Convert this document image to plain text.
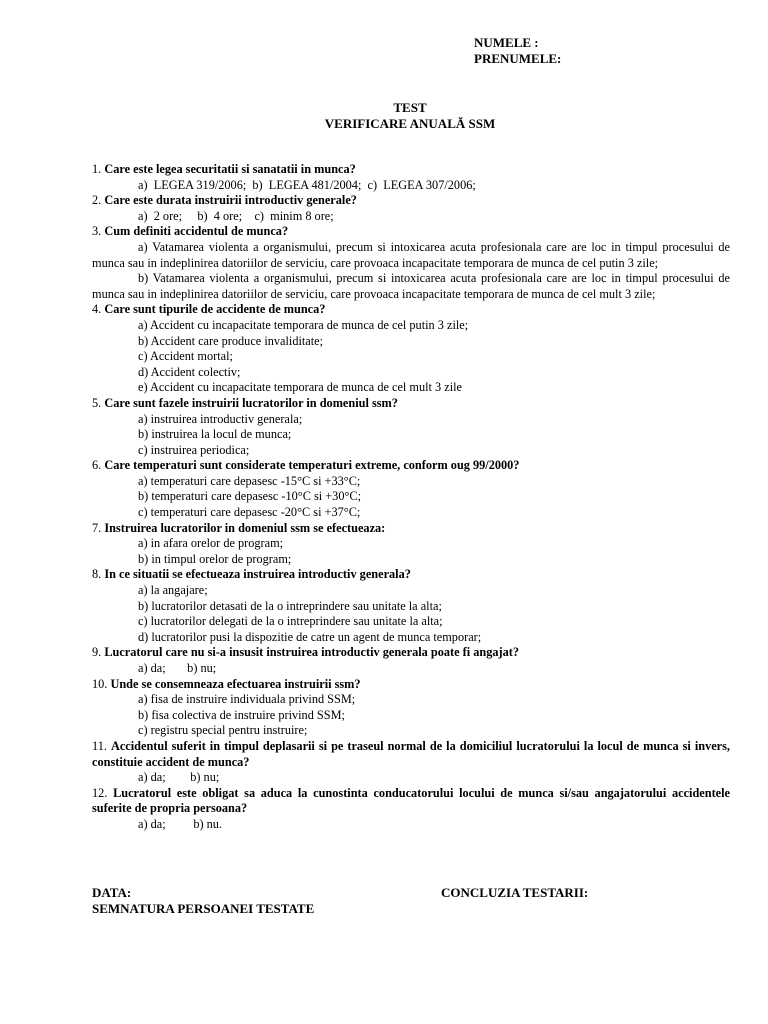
NUMELE :
PRENUMELE:
TEST
VERIFICARE ANUALĂ SSM
1. Care este legea securitatii si sanatatii in munca?
a)  LEGEA 319/2006;  b)  LEGEA 481/2004;  c)  LEGEA 307/2006;
2. Care este durata instruirii introductiv generale?
a)  2 ore;     b)  4 ore;    c)  minim 8 ore;
3. Cum definiti accidentul de munca?
a) Vatamarea violenta a organismului, precum si intoxicarea acuta profesionala care are loc in timpul procesului de munca sau in indeplinirea datoriilor de serviciu, care provoaca incapacitate temporara de munca de cel putin 3 zile;
b) Vatamarea violenta a organismului, precum si intoxicarea acuta profesionala care are loc in timpul procesului de munca sau in indeplinirea datoriilor de serviciu, care provoaca incapacitate temporara de munca de cel mult 3 zile;
4. Care sunt tipurile de accidente de munca?
a) Accident cu incapacitate temporara de munca de cel putin 3 zile;
b) Accident care produce invaliditate;
c) Accident mortal;
d) Accident colectiv;
e) Accident cu incapacitate temporara de munca de cel mult 3 zile
5. Care sunt fazele instruirii lucratorilor in domeniul ssm?
a) instruirea introductiv generala;
b) instruirea la locul de munca;
c) instruirea periodica;
6. Care temperaturi sunt considerate temperaturi extreme, conform oug 99/2000?
a) temperaturi care depasesc -15°C si +33°C;
b) temperaturi care depasesc -10°C si +30°C;
c) temperaturi care depasesc -20°C si +37°C;
7. Instruirea lucratorilor in domeniul ssm se efectueaza:
a) in afara orelor de program;
b) in timpul orelor de program;
8. In ce situatii se efectueaza instruirea introductiv generala?
a) la angajare;
b) lucratorilor detasati de la o intreprindere sau unitate la alta;
c) lucratorilor delegati de la o intreprindere sau unitate la alta;
d) lucratorilor pusi la dispozitie de catre un agent de munca temporar;
9. Lucratorul care nu si-a insusit instruirea introductiv generala poate fi angajat?
a) da;       b) nu;
10. Unde se consemneaza efectuarea instruirii ssm?
a) fisa de instruire individuala privind SSM;
b) fisa colectiva de instruire privind SSM;
c) registru special pentru instruire;
11. Accidentul suferit in timpul deplasarii si pe traseul normal de la domiciliul lucratorului la locul de munca si invers, constituie accident de munca?
a) da;        b) nu;
12. Lucratorul este obligat sa aduca la cunostinta conducatorului locului de munca si/sau angajatorului accidentele suferite de propria persoana?
a) da;         b) nu.
DATA:
SEMNATURA PERSOANEI TESTATE
CONCLUZIA TESTARII:
